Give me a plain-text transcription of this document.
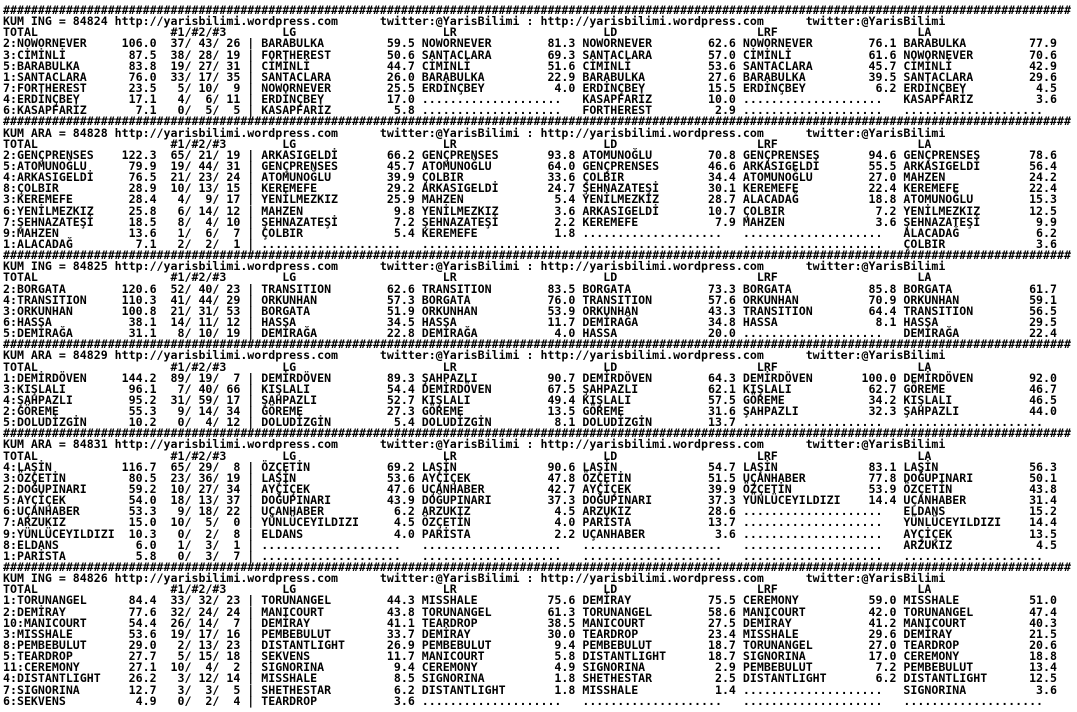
#########################################################################################################################################################
KUM ING = 84824 http://yarisbilimi.wordpress.com      twitter:@YarisBilimi : http://yarisbilimi.wordpress.com      twitter:@YarisBilimi
TOTAL                   #1/#2/#3        LG                     LR                     LD                    LRF                    LA
2:NOWORNEVER     106.0  37/ 43/ 26 | BARABULKA         59.5 NOWORNEVER        81.3 NOWORNEVER        62.6 NOWORNEVER        76.1 BARABULKA         77.9
3:CİMİNLİ         87.5  38/ 28/ 19 | FORTHEREST        50.6 SANTACLARA        69.3 SANTACLARA        57.0 CİMİNLİ           61.6 NOWORNEVER        70.6
5:BARABULKA       83.8  19/ 27/ 31 | CİMİNLİ           44.7 CİMİNLİ           51.6 CİMİNLİ           53.6 SANTACLARA        45.7 CİMİNLİ           42.9
1:SANTACLARA      76.0  33/ 17/ 35 | SANTACLARA        26.0 BARABULKA         22.9 BARABULKA         27.6 BARABULKA         39.5 SANTACLARA        29.6
7:FORTHEREST      23.5   5/ 10/  9 | NOWORNEVER        25.5 ERDİNÇBEY          4.0 ERDİNÇBEY         15.5 ERDİNÇBEY          6.2 ERDİNÇBEY          4.5
4:ERDİNÇBEY       17.1   4/  6/ 11 | ERDİNÇBEY         17.0 ....................   KASAPFARİZ        10.0 ....................   KASAPFARİZ         3.6
6:KASAPFARİZ       7.1   0/  5/  5 | KASAPFARİZ         5.8 ....................   FORTHEREST         2.9 ....................   ....................
#########################################################################################################################################################
KUM ARA = 84828 http://yarisbilimi.wordpress.com      twitter:@YarisBilimi : http://yarisbilimi.wordpress.com      twitter:@YarisBilimi
TOTAL                   #1/#2/#3        LG                     LR                     LD                    LRF                    LA
2:GENÇPRENSES    122.3  65/ 21/ 19 | ARKASIGELDİ       66.2 GENÇPRENSES       93.8 ATOMUNOĞLU        70.8 GENÇPRENSES       94.6 GENÇPRENSES       78.6
5:ATOMUNOĞLU      79.9  19/ 44/ 31 | GENÇPRENSES       45.7 ATOMUNOĞLU        64.0 GENÇPRENSES       46.6 ARKASIGELDİ       55.5 ARKASIGELDİ       56.4
4:ARKASIGELDİ     76.5  21/ 23/ 24 | ATOMUNOĞLU        39.9 ÇOLBIR            33.6 ÇOLBIR            34.4 ATOMUNOĞLU        27.0 MAHZEN            24.2
8:ÇOLBIR          28.9  10/ 13/ 15 | KEREMEFE          29.2 ARKASIGELDİ       24.7 ŞEHNAZATEŞİ       30.1 KEREMEFE          22.4 KEREMEFE          22.4
3:KEREMEFE        28.4   4/  9/ 17 | YENİLMEZKIZ       25.9 MAHZEN             5.4 YENİLMEZKIZ       28.7 ALACADAĞ          18.8 ATOMUNOĞLU        15.3
6:YENİLMEZKIZ     25.8   6/ 14/ 12 | MAHZEN             9.8 YENİLMEZKIZ        3.6 ARKASIGELDİ       10.7 ÇOLBIR             7.2 YENİLMEZKIZ       12.5
7:ŞEHNAZATEŞİ     18.5   8/  4/ 10 | ŞEHNAZATEŞİ        7.2 ŞEHNAZATEŞİ        2.2 KEREMEFE           7.9 MAHZEN             3.6 ŞEHNAZATEŞİ        9.9
9:MAHZEN          13.6   1/  6/  7 | ÇOLBIR             5.4 KEREMEFE           1.8 ....................   ....................   ALACADAĞ           6.2
1:ALACADAĞ         7.1   2/  2/  1 | ....................   ....................   ....................   ....................   ÇOLBIR             3.6
#########################################################################################################################################################
KUM ING = 84825 http://yarisbilimi.wordpress.com      twitter:@YarisBilimi : http://yarisbilimi.wordpress.com      twitter:@YarisBilimi
TOTAL                   #1/#2/#3        LG                     LR                     LD                    LRF                    LA
2:BORGATA        120.6  52/ 40/ 23 | TRANSITION        62.6 TRANSITION        83.5 BORGATA           73.3 BORGATA           85.8 BORGATA           61.7
4:TRANSITION     110.3  41/ 44/ 29 | ORKUNHAN          57.3 BORGATA           76.0 TRANSITION        57.6 ORKUNHAN          70.9 ORKUNHAN          59.1
3:ORKUNHAN       100.8  21/ 31/ 53 | BORGATA           51.9 ORKUNHAN          53.9 ORKUNHAN          43.3 TRANSITION        64.4 TRANSITION        56.5
6:HASSA           38.1  14/ 11/ 12 | HASSA             34.5 HASSA             11.7 DEMİRAĞA          34.8 HASSA              8.1 HASSA             29.5
5:DEMİRAĞA        31.1   8/ 10/ 19 | DEMİRAĞA          22.8 DEMİRAĞA           4.0 HASSA             20.0 ....................   DEMİRAĞA          22.4
#########################################################################################################################################################
KUM ARA = 84829 http://yarisbilimi.wordpress.com      twitter:@YarisBilimi : http://yarisbilimi.wordpress.com      twitter:@YarisBilimi
TOTAL                   #1/#2/#3        LG                     LR                     LD                    LRF                    LA
1:DEMİRDÖVEN     144.2  89/ 19/  7 | DEMİRDÖVEN        89.3 ŞAHPAZLI          90.7 DEMİRDÖVEN        64.3 DEMİRDÖVEN       100.0 DEMİRDÖVEN        92.0
3:KIŞLALI         96.1   7/ 40/ 66 | KIŞLALI           54.4 DEMİRDÖVEN        67.5 ŞAHPAZLI          62.1 KIŞLALI           62.7 GÖREME            46.7
4:ŞAHPAZLI        95.2  31/ 59/ 17 | ŞAHPAZLI          52.7 KIŞLALI           49.4 KIŞLALI           57.5 GÖREME            34.2 KIŞLALI           46.5
2:GÖREME          55.3   9/ 14/ 34 | GÖREME            27.3 GÖREME            13.5 GÖREME            31.6 ŞAHPAZLI          32.3 ŞAHPAZLI          44.0
5:DOLUDİZGİN      10.2   0/  4/ 12 | DOLUDİZGİN         5.4 DOLUDİZGİN         8.1 DOLUDİZGİN        13.7 ....................   ....................
#########################################################################################################################################################
KUM ARA = 84831 http://yarisbilimi.wordpress.com      twitter:@YarisBilimi : http://yarisbilimi.wordpress.com      twitter:@YarisBilimi
TOTAL                   #1/#2/#3        LG                     LR                     LD                    LRF                    LA
4:LAŞİN          116.7  65/ 29/  8 | ÖZÇETİN           69.2 LAŞİN             90.6 LAŞİN             54.7 LAŞİN             83.1 LAŞİN             56.3
3:ÖZÇETİN         80.5  23/ 36/ 19 | LAŞİN             53.6 AYÇİÇEK           47.8 ÖZÇETİN           51.5 UÇANHABER         77.8 DOĞUPINARI        50.1
2:DOĞUPINARI      59.2  10/ 27/ 34 | AYÇİÇEK           47.6 UÇANHABER         42.7 AYÇİÇEK           39.9 ÖZÇETİN           53.9 ÖZÇETİN           43.8
5:AYÇİÇEK         54.0  18/ 13/ 37 | DOĞUPINARI        43.9 DOĞUPINARI        37.3 DOĞUPINARI        37.3 YÜNLÜCEYILDIZI    14.4 UÇANHABER         31.4
6:UÇANHABER       53.3   9/ 18/ 22 | UÇANHABER          6.2 ARZUKIZ            4.5 ARZUKIZ           28.6 ....................   ELDANS            15.2
7:ARZUKIZ         15.0  10/  5/  0 | YÜNLÜCEYILDIZI     4.5 ÖZÇETİN            4.0 PARİSTA           13.7 ....................   YÜNLÜCEYILDIZI    14.4
9:YÜNLÜCEYILDIZI  10.3   0/  2/  8 | ELDANS             4.0 PARİSTA            2.2 UÇANHABER          3.6 ....................   AYÇİÇEK           13.5
8:ELDANS           6.0   1/  3/  1 | ....................   ....................   ....................   ....................   ARZUKIZ            4.5
1:PARİSTA          5.8   0/  3/  7 | ....................   ....................   ....................   ....................   ....................
#########################################################################################################################################################
KUM ING = 84826 http://yarisbilimi.wordpress.com      twitter:@YarisBilimi : http://yarisbilimi.wordpress.com      twitter:@YarisBilimi
TOTAL                   #1/#2/#3        LG                     LR                     LD                    LRF                    LA
1:TORUNANGEL      84.4  33/ 32/ 23 | TORUNANGEL        44.3 MISSHALE          75.6 DEMİRAY           75.5 CEREMONY          59.0 MISSHALE          51.0
2:DEMİRAY         77.6  32/ 24/ 24 | MANICOURT         43.8 TORUNANGEL        61.3 TORUNANGEL        58.6 MANICOURT         42.0 TORUNANGEL        47.4
10:MANICOURT      54.4  26/ 14/  7 | DEMİRAY           41.1 TEARDROP          38.5 MANICOURT         27.5 DEMİRAY           41.2 MANICOURT         40.3
3:MISSHALE        53.6  19/ 17/ 16 | PEMBEBULUT        33.7 DEMİRAY           30.0 TEARDROP          23.4 MISSHALE          29.6 DEMİRAY           21.5
8:PEMBEBULUT      29.0   2/ 13/ 23 | DISTANTLIGHT      26.9 PEMBEBULUT         9.4 PEMBEBULUT        18.7 TORUNANGEL        27.0 TEARDROP          20.6
5:TEARDROP        27.7   5/ 15/ 18 | SEKVENS           11.7 MANICOURT          5.8 DISTANTLIGHT      18.7 SIGNORINA         17.0 CEREMONY          18.8
11:CEREMONY       27.1  10/  4/  2 | SIGNORINA          9.4 CEREMONY           4.9 SIGNORINA          2.9 PEMBEBULUT         7.2 PEMBEBULUT        13.4
4:DISTANTLIGHT    26.2   3/ 12/ 14 | MISSHALE           8.5 SIGNORINA          1.8 SHETHESTAR         2.5 DISTANTLIGHT       6.2 DISTANTLIGHT      12.5
7:SIGNORINA       12.7   3/  3/  5 | SHETHESTAR         6.2 DISTANTLIGHT       1.8 MISSHALE           1.4 ....................   SIGNORINA          3.6
6:SEKVENS          4.9   0/  2/  4 | TEARDROP           3.6 ....................   ....................   ....................   ....................
